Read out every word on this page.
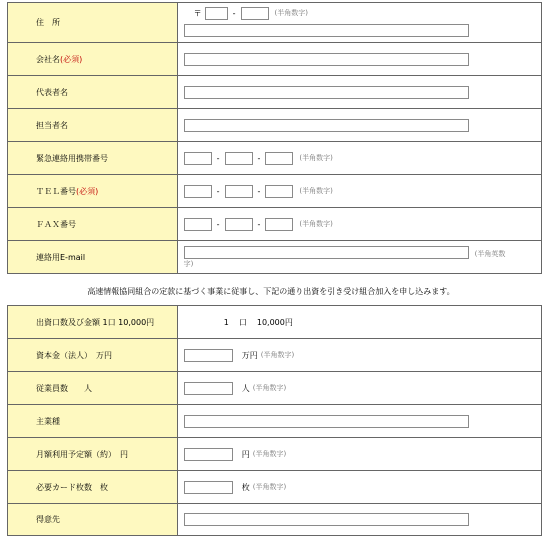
住　所	〒 - (半角数字)

会社名(必須)	
代表者名	
担当者名	
緊急連絡用携帯番号	- - (半角数字)

ＴＥＬ番号(必須)	- - (半角数字)

ＦＡＸ番号	- - (半角数字)

連絡用E-mail	(半角英数
字)
高速情報協同組合の定款に基づく事業に従事し、下記の通り出資を引き受け組合加入を申し込みます。
出資口数及び金額 1口 10,000円	1 口 10,000円

資本金（法人）　万円	万円 (半角数字)

従業員数　　人	人 (半角数字)

主業種	
月額利用予定額（約）　円	円 (半角数字)

必要カード枚数　枚	枚 (半角数字)

得意先	
